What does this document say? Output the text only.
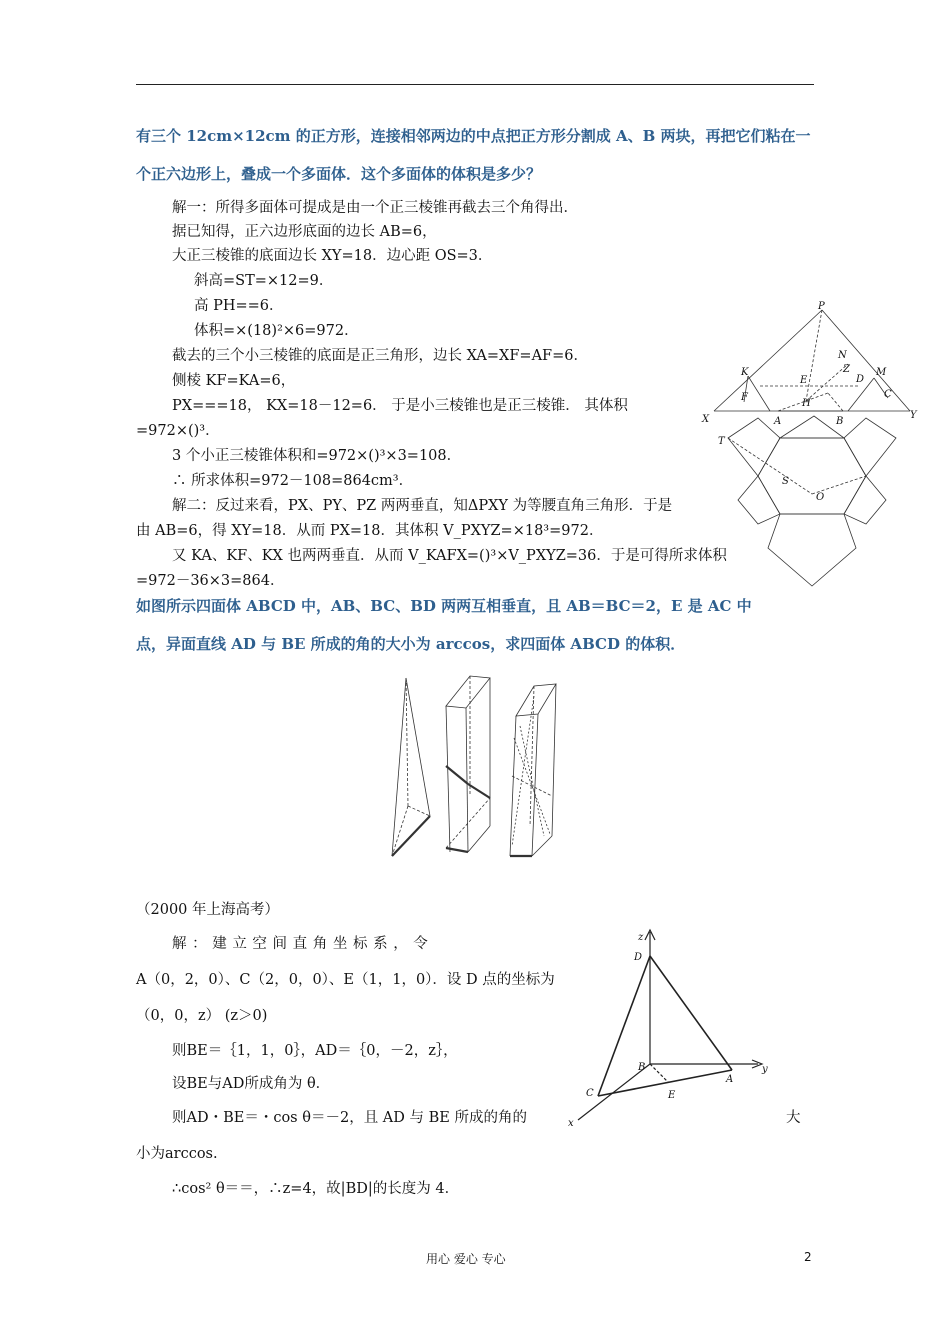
有三个 12cm×12cm 的正方形，连接相邻两边的中点把正方形分割成 A、B 两块，再把它们粘在一
个正六边形上，叠成一个多面体．这个多面体的体积是多少？
解一：所得多面体可提成是由一个正三棱锥再截去三个角得出．
据已知得，正六边形底面的边长 AB=6，
大正三棱锥的底面边长 XY=18．边心距 OS=3．
斜高=ST=×12=9．
高 PH==6．
体积=×(18)²×6=972．
截去的三个小三棱锥的底面是正三角形，边长 XA=XF=AF=6．
侧棱 KF=KA=6，
PX===18， KX=18－12=6． 于是小三棱锥也是正三棱锥． 其体积
=972×()³．
3 个小正三棱锥体积和=972×()³×3=108．
∴ 所求体积=972－108=864cm³．
解二：反过来看，PX、PY、PZ 两两垂直，知ΔPXY 为等腰直角三角形．于是
由 AB=6，得 XY=18．从而 PX=18．其体积 V_PXYZ=×18³=972．
又 KA、KF、KX 也两两垂直．从而 V_KAFX=()³×V_PXYZ=36．于是可得所求体积
=972－36×3=864．
P
N
Z	M
K
E	D
C
F
H
X	A	B
Y
T
S
O
如图所示四面体 ABCD 中，AB、BC、BD 两两互相垂直，且 AB＝BC＝2，E 是 AC 中
点，异面直线 AD 与 BE 所成的角的大小为 arccos，求四面体 ABCD 的体积．
（2000 年上海高考）
解 ： 建 立 空 间 直 角 坐 标 系 ， 令
A（0，2，0）、C（2，0，0）、E（1，1，0）．设 D 点的坐标为
（0，0，z） (z＞0)
则BE＝｛1，1，0｝，AD＝｛0，－2，z｝，
设BE与AD所成角为 θ．
则AD・BE＝・cos θ＝－2，且 AD 与 BE 所成的角的	大
小为arccos.
∴cos² θ＝＝，∴z=4，故|BD|的长度为 4．
z
D
B	y
C
A
E
x
用心 爱心 专心	2
